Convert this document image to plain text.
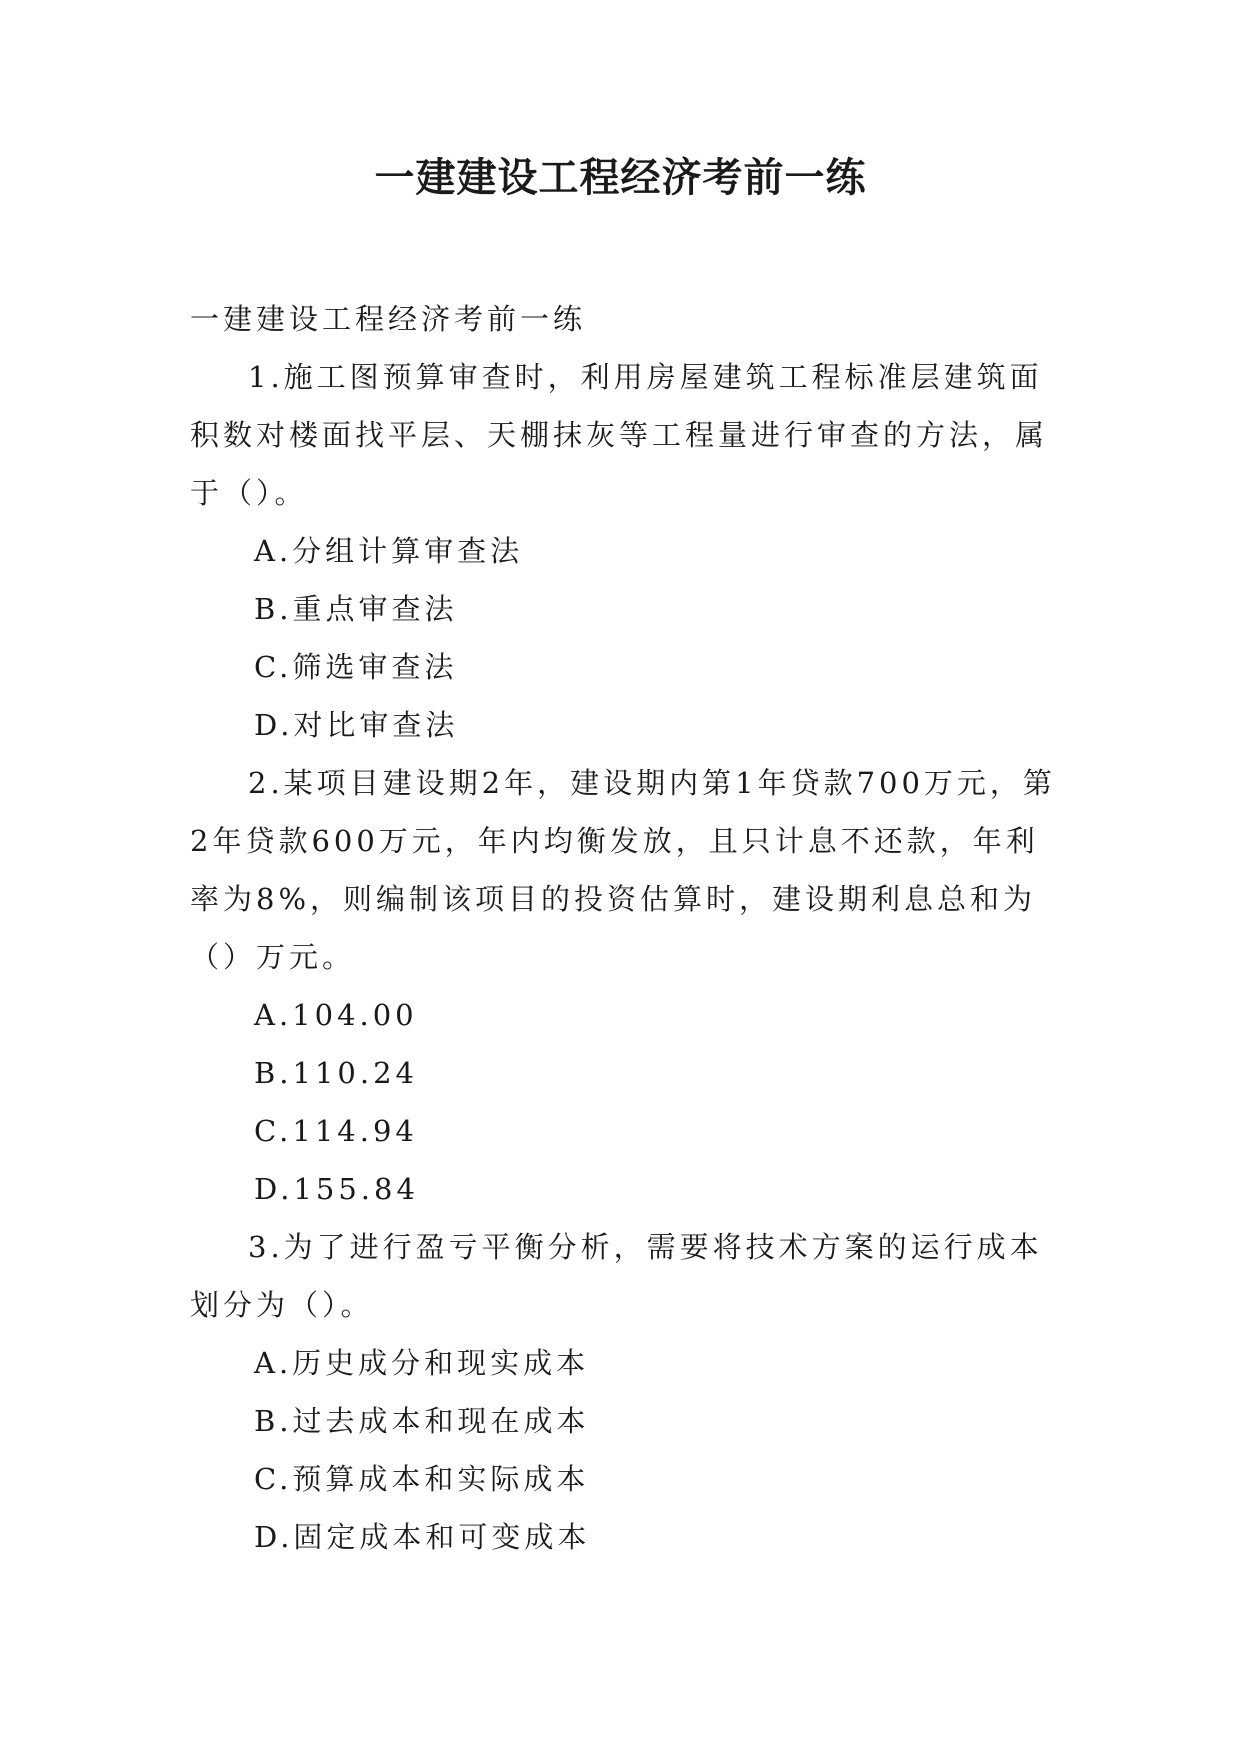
一建建设工程经济考前一练

一建建设工程经济考前一练

1.施工图预算审查时，利用房屋建筑工程标准层建筑面积数对楼面找平层、天棚抹灰等工程量进行审查的方法，属于（）。

A.分组计算审查法

B.重点审查法

C.筛选审查法

D.对比审查法

2.某项目建设期2年，建设期内第1年贷款700万元，第2年贷款600万元，年内均衡发放，且只计息不还款，年利率为8%，则编制该项目的投资估算时，建设期利息总和为（）万元。

A.104.00

B.110.24

C.114.94

D.155.84

3.为了进行盈亏平衡分析，需要将技术方案的运行成本划分为（）。

A.历史成分和现实成本

B.过去成本和现在成本

C.预算成本和实际成本

D.固定成本和可变成本
